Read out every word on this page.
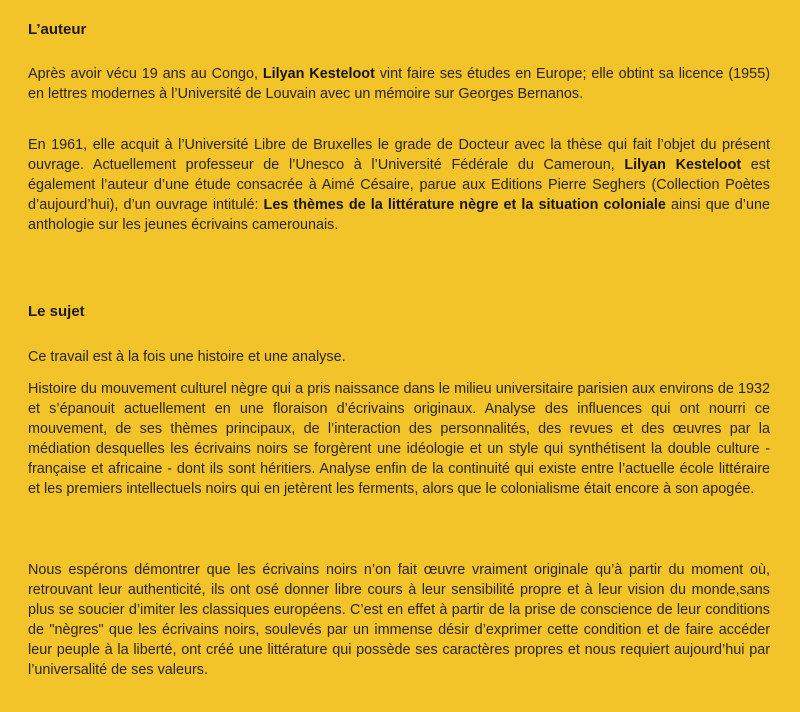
L’auteur

Après avoir vécu 19 ans au Congo, Lilyan Kesteloot vint faire ses études en Europe; elle obtint sa licence (1955) en lettres modernes à l’Université de Louvain avec un mémoire sur Georges Bernanos.

En 1961, elle acquit à l’Université Libre de Bruxelles le grade de Docteur avec la thèse qui fait l’objet du présent ouvrage. Actuellement professeur de l’Unesco à l’Université Fédérale du Cameroun, Lilyan Kesteloot est également l’auteur d’une étude consacrée à Aimé Césaire, parue aux Editions Pierre Seghers (Collection Poètes d’aujourd’hui), d’un ouvrage intitulé: Les thèmes de la littérature nègre et la situation coloniale ainsi que d’une anthologie sur les jeunes écrivains camerounais.

Le sujet

Ce travail est à la fois une histoire et une analyse.

Histoire du mouvement culturel nègre qui a pris naissance dans le milieu universitaire parisien aux environs de 1932 et s’épanouit actuellement en une floraison d’écrivains originaux. Analyse des influences qui ont nourri ce mouvement, de ses thèmes principaux, de l’interaction des personnalités, des revues et des œuvres par la médiation desquelles les écrivains noirs se forgèrent une idéologie et un style qui synthétisent la double culture - française et africaine - dont ils sont héritiers. Analyse enfin de la continuité qui existe entre l’actuelle école littéraire et les premiers intellectuels noirs qui en jetèrent les ferments, alors que le colonialisme était encore à son apogée.

Nous espérons démontrer que les écrivains noirs n’on fait œuvre vraiment originale qu’à partir du moment où, retrouvant leur authenticité, ils ont osé donner libre cours à leur sensibilité propre et à leur vision du monde,sans plus se soucier d’imiter les classiques européens. C’est en effet à partir de la prise de conscience de leur conditions de "nègres" que les écrivains noirs, soulevés par un immense désir d’exprimer cette condition et de faire accéder leur peuple à la liberté, ont créé une littérature qui possède ses caractères propres et nous requiert aujourd’hui par l’universalité de ses valeurs.
